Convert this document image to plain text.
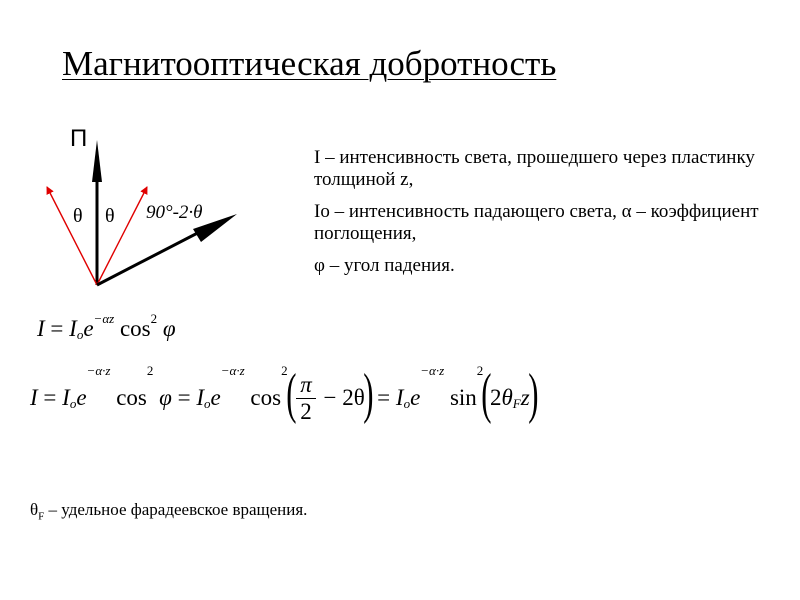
Магнитооптическая добротность
П
θ θ 90°-2·θ

I – интенсивность света, прошедшего через пластинку толщиной z,

Io – интенсивность падающего света, α – коэффициент поглощения,

φ – угол падения.

$I = I_oe^{-\alpha z}$ $\cos^2 \varphi$
$I = I_oe^{-\alpha\cdot z}$ $\cos^2 \varphi = I_oe^{-\alpha\cdot z}$ $\cos^2( \frac{\pi}{2} - 2\theta) = I_oe^{-\alpha\cdot z}$ $\sin^2(2\theta_Fz)$
$\theta_F$ – удельное фарадеевское вращения.
